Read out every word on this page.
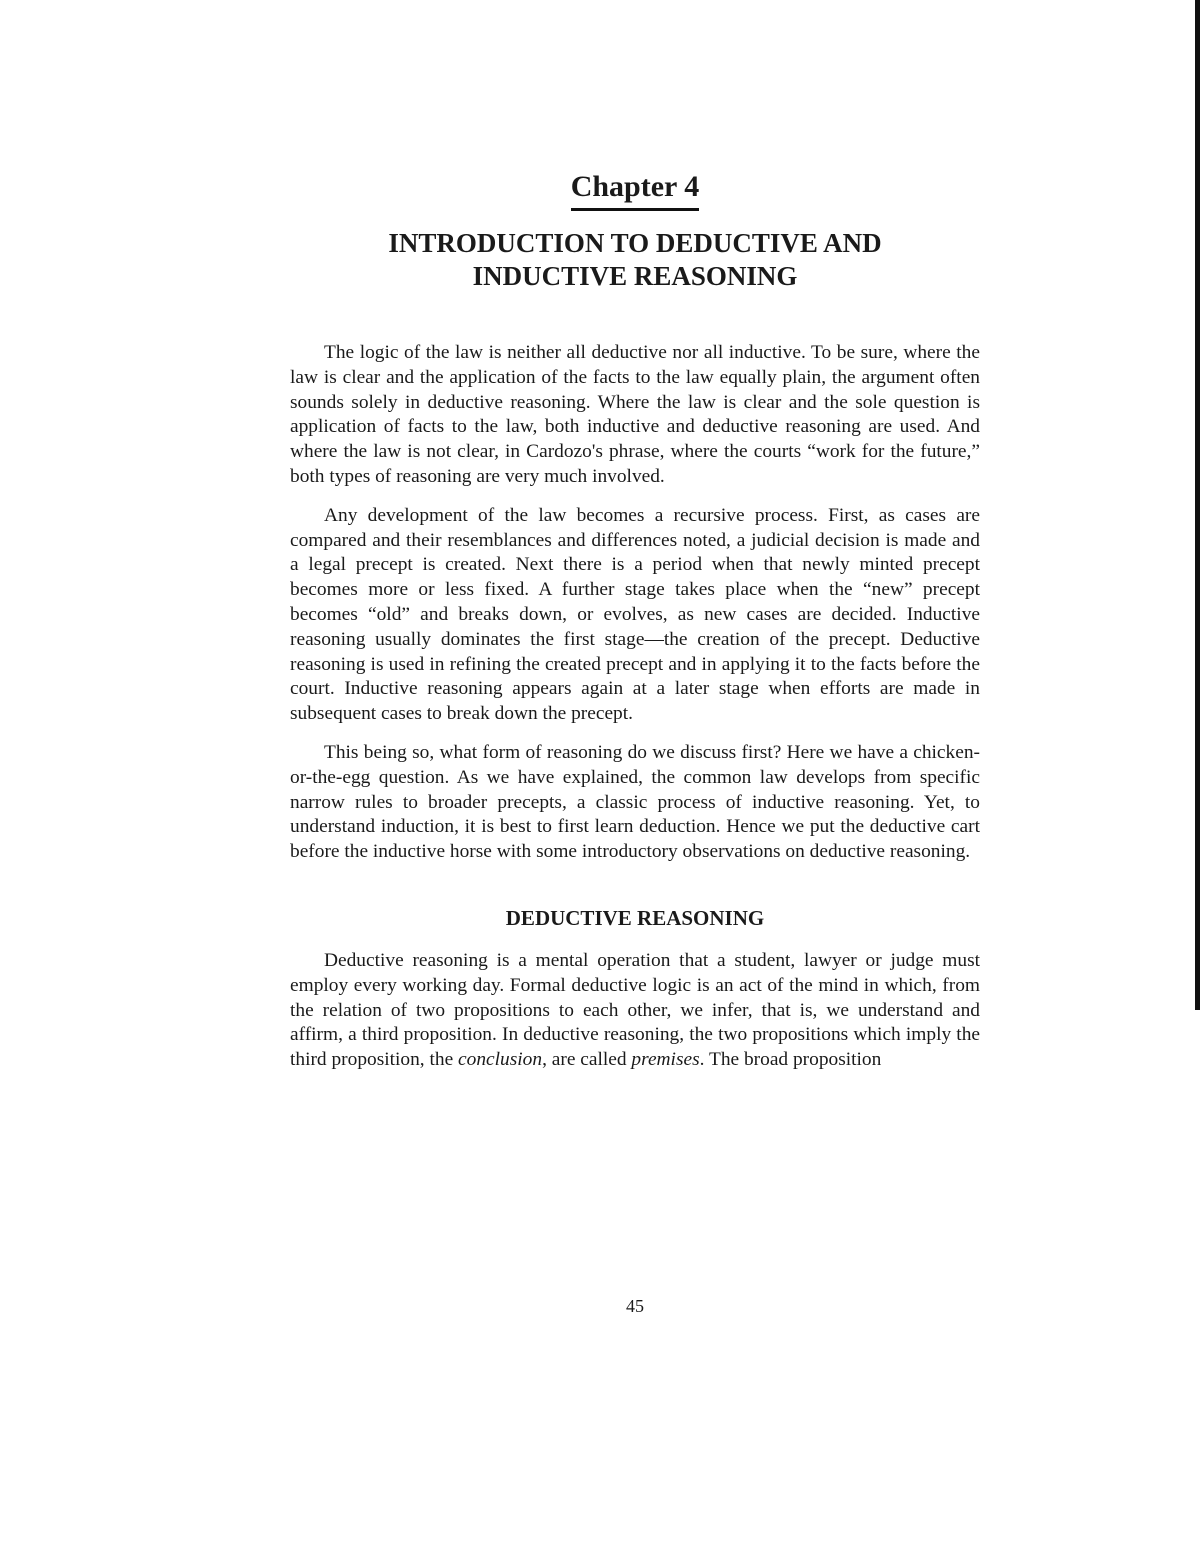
Chapter 4
INTRODUCTION TO DEDUCTIVE AND
INDUCTIVE REASONING

The logic of the law is neither all deductive nor all inductive. To be sure, where the law is clear and the application of the facts to the law equally plain, the argument often sounds solely in deductive reasoning. Where the law is clear and the sole question is application of facts to the law, both inductive and deductive reasoning are used. And where the law is not clear, in Cardozo's phrase, where the courts “work for the future,” both types of reasoning are very much involved.

Any development of the law becomes a recursive process. First, as cases are compared and their resemblances and differences noted, a judicial decision is made and a legal precept is created. Next there is a period when that newly minted precept becomes more or less fixed. A further stage takes place when the “new” precept becomes “old” and breaks down, or evolves, as new cases are decided. Inductive reasoning usually dominates the first stage—the creation of the precept. Deductive reasoning is used in refining the created precept and in applying it to the facts before the court. Inductive reasoning appears again at a later stage when efforts are made in subsequent cases to break down the precept.

This being so, what form of reasoning do we discuss first? Here we have a chicken-or-the-egg question. As we have explained, the common law develops from specific narrow rules to broader precepts, a classic process of inductive reasoning. Yet, to understand induction, it is best to first learn deduction. Hence we put the deductive cart before the inductive horse with some introductory observations on deductive reasoning.

DEDUCTIVE REASONING

Deductive reasoning is a mental operation that a student, lawyer or judge must employ every working day. Formal deductive logic is an act of the mind in which, from the relation of two propositions to each other, we infer, that is, we understand and affirm, a third proposition. In deductive reasoning, the two propositions which imply the third proposition, the conclusion, are called premises. The broad proposition

45
